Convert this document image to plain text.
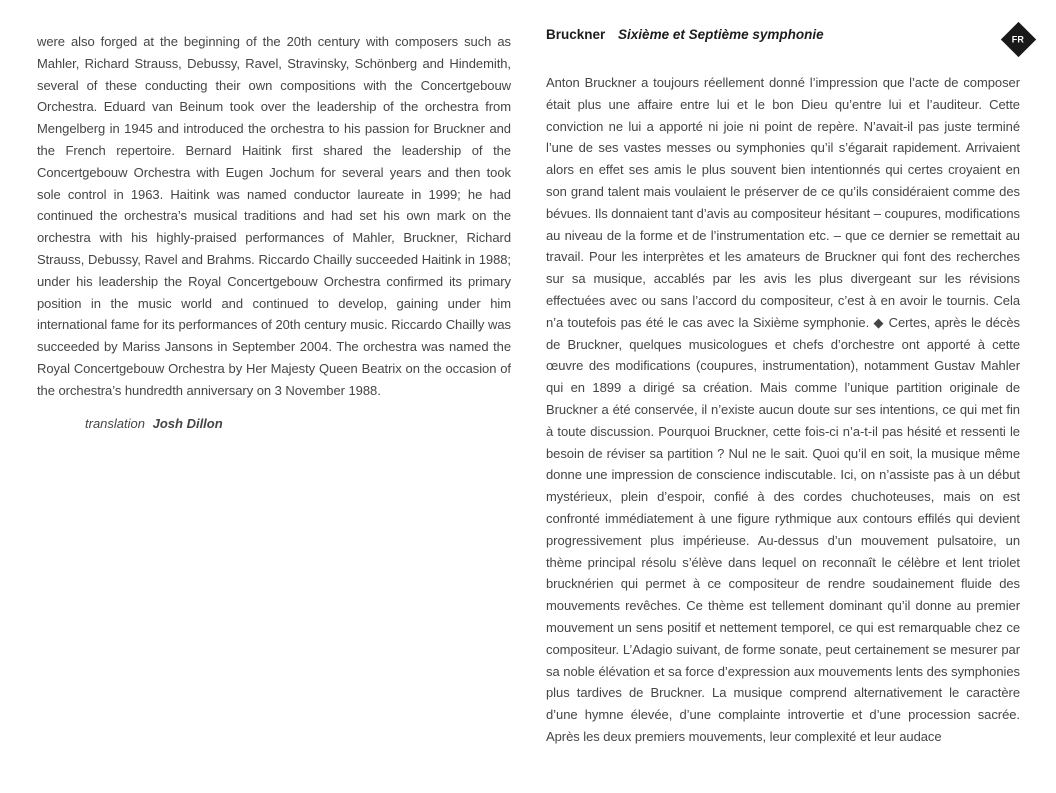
were also forged at the beginning of the 20th century with composers such as Mahler, Richard Strauss, Debussy, Ravel, Stravinsky, Schönberg and Hindemith, several of these conducting their own compositions with the Concertgebouw Orchestra. Eduard van Beinum took over the leadership of the orchestra from Mengelberg in 1945 and introduced the orchestra to his passion for Bruckner and the French repertoire. Bernard Haitink first shared the leadership of the Concertgebouw Orchestra with Eugen Jochum for several years and then took sole control in 1963. Haitink was named conductor laureate in 1999; he had continued the orchestra’s musical traditions and had set his own mark on the orchestra with his highly-praised performances of Mahler, Bruckner, Richard Strauss, Debussy, Ravel and Brahms. Riccardo Chailly succeeded Haitink in 1988; under his leadership the Royal Concertgebouw Orchestra confirmed its primary position in the music world and continued to develop, gaining under him international fame for its performances of 20th century music. Riccardo Chailly was succeeded by Mariss Jansons in September 2004. The orchestra was named the Royal Concertgebouw Orchestra by Her Majesty Queen Beatrix on the occasion of the orchestra’s hundredth anniversary on 3 November 1988.

translation Josh Dillon

Bruckner Sixième et Septième symphonie

Anton Bruckner a toujours réellement donné l’impression que l’acte de composer était plus une affaire entre lui et le bon Dieu qu’entre lui et l’auditeur. Cette conviction ne lui a apporté ni joie ni point de repère. N’avait-il pas juste terminé l’une de ses vastes messes ou symphonies qu’il s’égarait rapidement. Arrivaient alors en effet ses amis le plus souvent bien intentionnés qui certes croyaient en son grand talent mais voulaient le préserver de ce qu’ils considéraient comme des bévues. Ils donnaient tant d’avis au compositeur hésitant – coupures, modifications au niveau de la forme et de l’instrumentation etc. – que ce dernier se remettait au travail. Pour les interprètes et les amateurs de Bruckner qui font des recherches sur sa musique, accablés par les avis les plus divergeant sur les révisions effectuées avec ou sans l’accord du compositeur, c’est à en avoir le tournis. Cela n’a toutefois pas été le cas avec la Sixième symphonie. ◆ Certes, après le décès de Bruckner, quelques musicologues et chefs d’orchestre ont apporté à cette œuvre des modifications (coupures, instrumentation), notamment Gustav Mahler qui en 1899 a dirigé sa création. Mais comme l’unique partition originale de Bruckner a été conservée, il n’existe aucun doute sur ses intentions, ce qui met fin à toute discussion. Pourquoi Bruckner, cette fois-ci n’a-t-il pas hésité et ressenti le besoin de réviser sa partition ? Nul ne le sait. Quoi qu’il en soit, la musique même donne une impression de conscience indiscutable. Ici, on n’assiste pas à un début mystérieux, plein d’espoir, confié à des cordes chuchoteuses, mais on est confronté immédiatement à une figure rythmique aux contours effilés qui devient progressivement plus impérieuse. Au-dessus d’un mouvement pulsatoire, un thème principal résolu s’élève dans lequel on reconnaît le célèbre et lent triolet brucknérien qui permet à ce compositeur de rendre soudainement fluide des mouvements revêches. Ce thème est tellement dominant qu’il donne au premier mouvement un sens positif et nettement temporel, ce qui est remarquable chez ce compositeur. L’Adagio suivant, de forme sonate, peut certainement se mesurer par sa noble élévation et sa force d’expression aux mouvements lents des symphonies plus tardives de Bruckner. La musique comprend alternativement le caractère d’une hymne élevée, d’une complainte introvertie et d’une procession sacrée. Après les deux premiers mouvements, leur complexité et leur audace

FR
